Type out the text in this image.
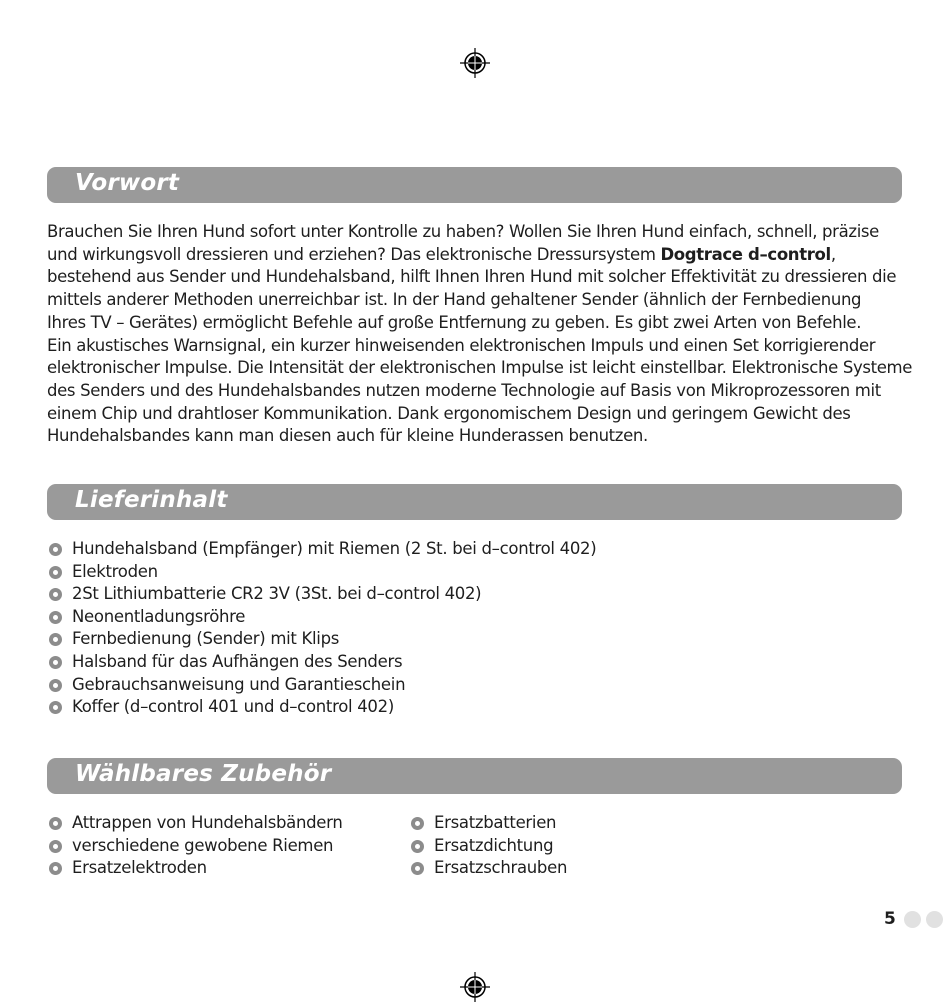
Vorwort
Brauchen Sie Ihren Hund sofort unter Kontrolle zu haben? Wollen Sie Ihren Hund einfach, schnell, präzise
und wirkungsvoll dressieren und erziehen? Das elektronische Dressursystem Dogtrace d–control,
bestehend aus Sender und Hundehalsband, hilft Ihnen Ihren Hund mit solcher Effektivität zu dressieren die
mittels anderer Methoden unerreichbar ist. In der Hand gehaltener Sender (ähnlich der Fernbedienung
Ihres TV – Gerätes) ermöglicht Befehle auf große Entfernung zu geben. Es gibt zwei Arten von Befehle.
Ein akustisches Warnsignal, ein kurzer hinweisenden elektronischen Impuls und einen Set korrigierender
elektronischer Impulse. Die Intensität der elektronischen Impulse ist leicht einstellbar. Elektronische Systeme
des Senders und des Hundehalsbandes nutzen moderne Technologie auf Basis von Mikroprozessoren mit
einem Chip und drahtloser Kommunikation. Dank ergonomischem Design und geringem Gewicht des
Hundehalsbandes kann man diesen auch für kleine Hunderassen benutzen.
Lieferinhalt
Hundehalsband (Empfänger) mit Riemen (2 St. bei d–control 402)
Elektroden
2St Lithiumbatterie CR2 3V (3St. bei d–control 402)
Neonentladungsröhre
Fernbedienung (Sender) mit Klips
Halsband für das Aufhängen des Senders
Gebrauchsanweisung und Garantieschein
Koffer (d–control 401 und d–control 402)
Wählbares Zubehör
Attrappen von Hundehalsbändern
verschiedene gewobene Riemen
Ersatzelektroden
Ersatzbatterien
Ersatzdichtung
Ersatzschrauben
5
